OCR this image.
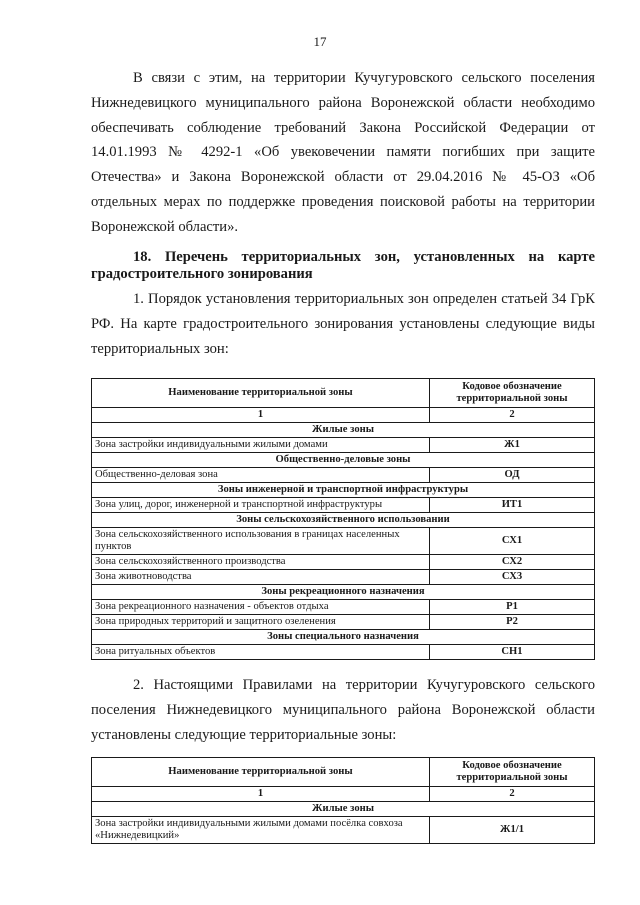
17

В связи с этим, на территории Кучугуровского сельского поселения Нижнедевицкого муниципального района Воронежской области необходимо обеспечивать соблюдение требований Закона Российской Федерации от 14.01.1993 № 4292-1 «Об увековечении памяти погибших при защите Отечества» и Закона Воронежской области от 29.04.2016 № 45-ОЗ «Об отдельных мерах по поддержке проведения поисковой работы на территории Воронежской области».

18. Перечень территориальных зон, установленных на карте градостроительного зонирования

1. Порядок установления территориальных зон определен статьей 34 ГрК РФ. На карте градостроительного зонирования установлены следующие виды территориальных зон:

Наименование территориальной зоны	Кодовое обозначение территориальной зоны
1	2
Жилые зоны	
Зона застройки индивидуальными жилыми домами	Ж1
Общественно-деловые зоны	
Общественно-деловая зона	ОД
Зоны инженерной и транспортной инфраструктуры	
Зона улиц, дорог, инженерной и транспортной инфраструктуры	ИТ1
Зоны сельскохозяйственного использовании	
Зона сельскохозяйственного использования в границах населенных пунктов	СХ1
Зона сельскохозяйственного производства	СХ2
Зона животноводства	СХ3
Зоны рекреационного назначения	
Зона рекреационного назначения - объектов отдыха	Р1
Зона природных территорий и защитного озеленения	Р2
Зоны специального назначения	
Зона ритуальных объектов	СН1

2. Настоящими Правилами на территории Кучугуровского сельского поселения Нижнедевицкого муниципального района Воронежской области установлены следующие территориальные зоны:

Наименование территориальной зоны	Кодовое обозначение территориальной зоны
1	2
Жилые зоны	
Зона застройки индивидуальными жилыми домами посёлка совхоза «Нижнедевицкий»	Ж1/1
